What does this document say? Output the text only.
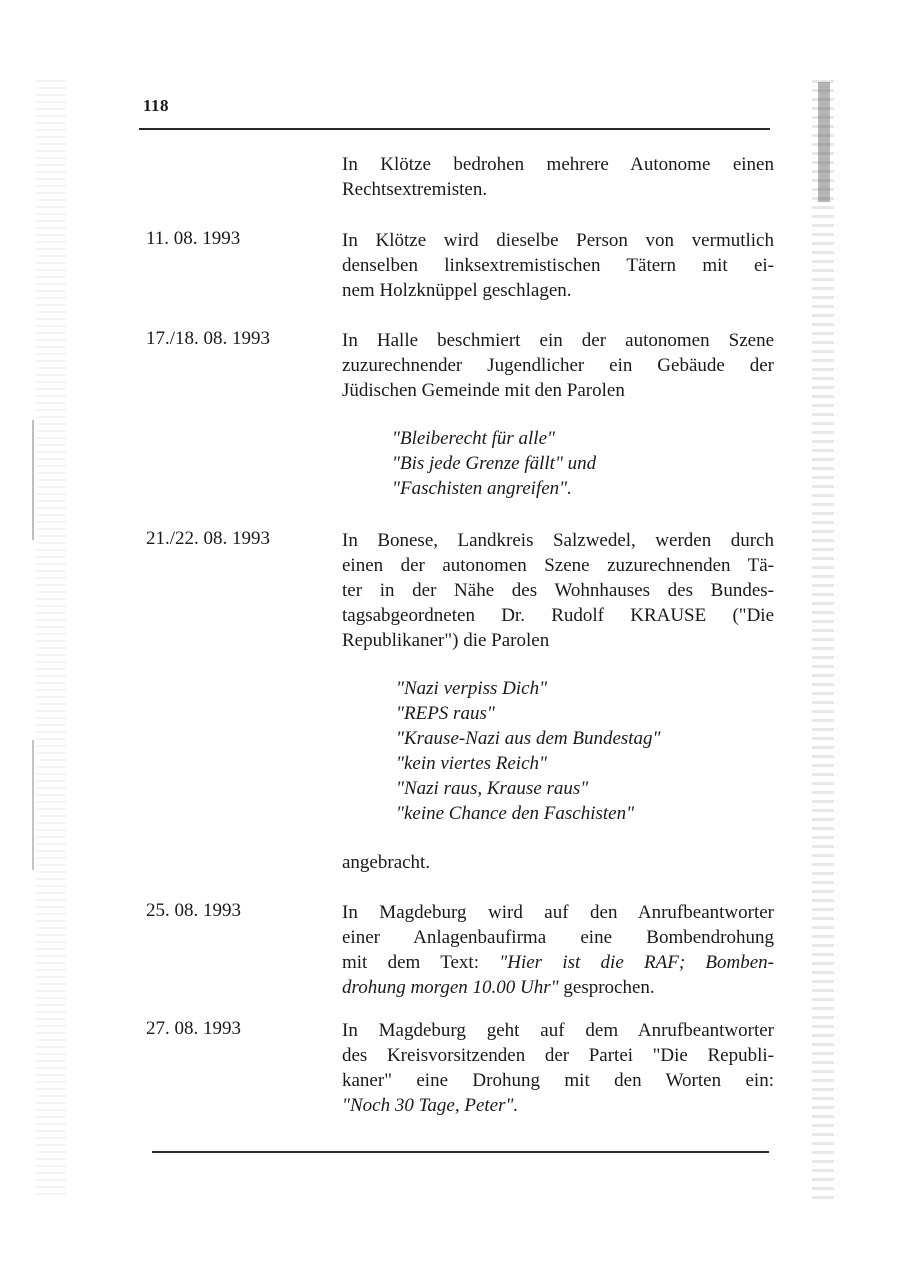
118
In Klötze bedrohen mehrere Autonome einen
Rechtsextremisten.
11. 08. 1993	In Klötze wird dieselbe Person von vermutlich
denselben linksextremistischen Tätern mit ei-
nem Holzknüppel geschlagen.
17./18. 08. 1993	In Halle beschmiert ein der autonomen Szene
zuzurechnender Jugendlicher ein Gebäude der
Jüdischen Gemeinde mit den Parolen
"Bleiberecht für alle"
"Bis jede Grenze fällt" und
"Faschisten angreifen".
21./22. 08. 1993	In Bonese, Landkreis Salzwedel, werden durch
einen der autonomen Szene zuzurechnenden Tä-
ter in der Nähe des Wohnhauses des Bundes-
tagsabgeordneten Dr. Rudolf KRAUSE ("Die
Republikaner") die Parolen
"Nazi verpiss Dich"
"REPS raus"
"Krause-Nazi aus dem Bundestag"
"kein viertes Reich"
"Nazi raus, Krause raus"
"keine Chance den Faschisten"
angebracht.
25. 08. 1993	In Magdeburg wird auf den Anrufbeantworter
einer Anlagenbaufirma eine Bombendrohung
mit dem Text: "Hier ist die RAF; Bomben-
drohung morgen 10.00 Uhr" gesprochen.
27. 08. 1993	In Magdeburg geht auf dem Anrufbeantworter
des Kreisvorsitzenden der Partei "Die Republi-
kaner" eine Drohung mit den Worten ein:
"Noch 30 Tage, Peter".
